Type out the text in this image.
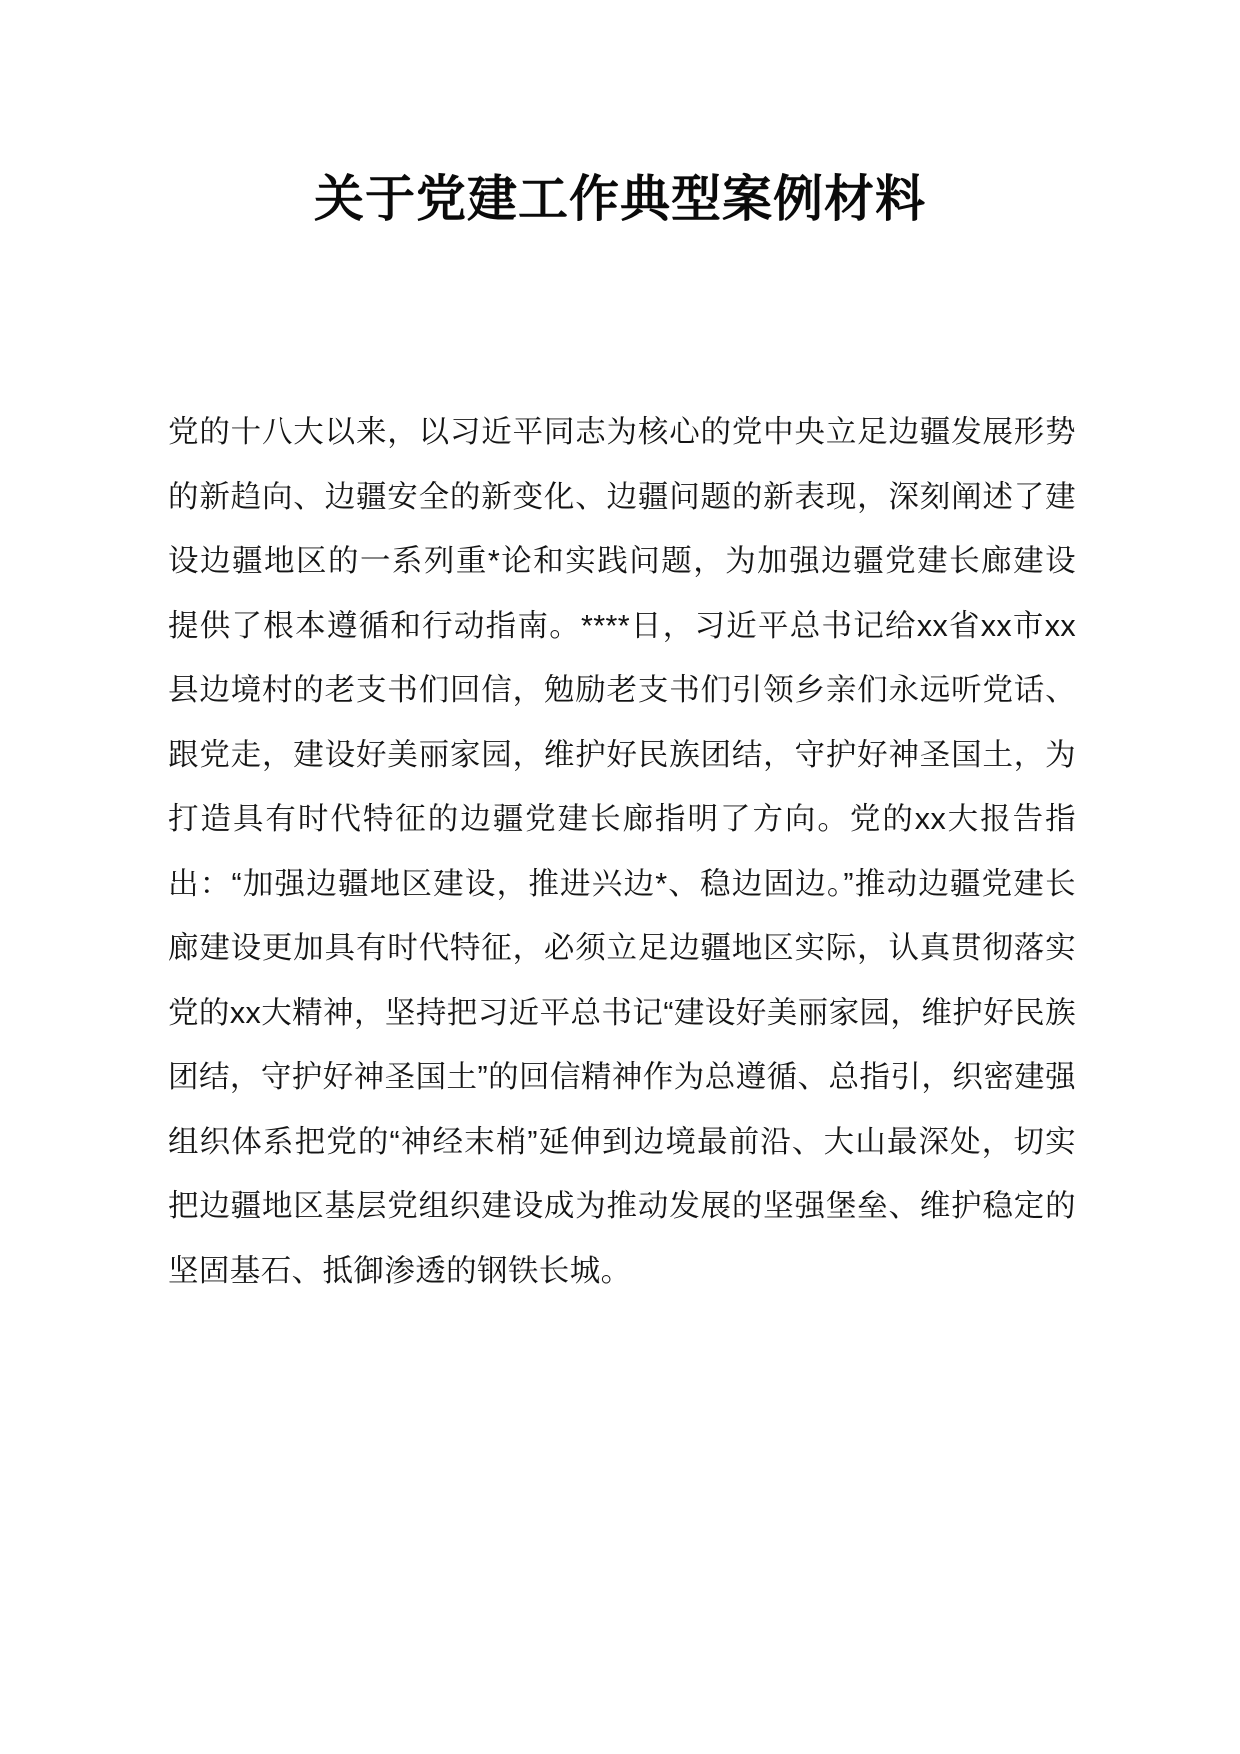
关于党建工作典型案例材料

党的十八大以来，以习近平同志为核心的党中央立足边疆发展形势的新趋向、边疆安全的新变化、边疆问题的新表现，深刻阐述了建设边疆地区的一系列重*论和实践问题，为加强边疆党建长廊建设提供了根本遵循和行动指南。****日，习近平总书记给xx省xx市xx县边境村的老支书们回信，勉励老支书们引领乡亲们永远听党话、跟党走，建设好美丽家园，维护好民族团结，守护好神圣国土，为打造具有时代特征的边疆党建长廊指明了方向。党的xx大报告指出：“加强边疆地区建设，推进兴边*、稳边固边。”推动边疆党建长廊建设更加具有时代特征，必须立足边疆地区实际，认真贯彻落实党的xx大精神，坚持把习近平总书记“建设好美丽家园，维护好民族团结，守护好神圣国土”的回信精神作为总遵循、总指引，织密建强组织体系把党的“神经末梢”延伸到边境最前沿、大山最深处，切实把边疆地区基层党组织建设成为推动发展的坚强堡垒、维护稳定的坚固基石、抵御渗透的钢铁长城。
